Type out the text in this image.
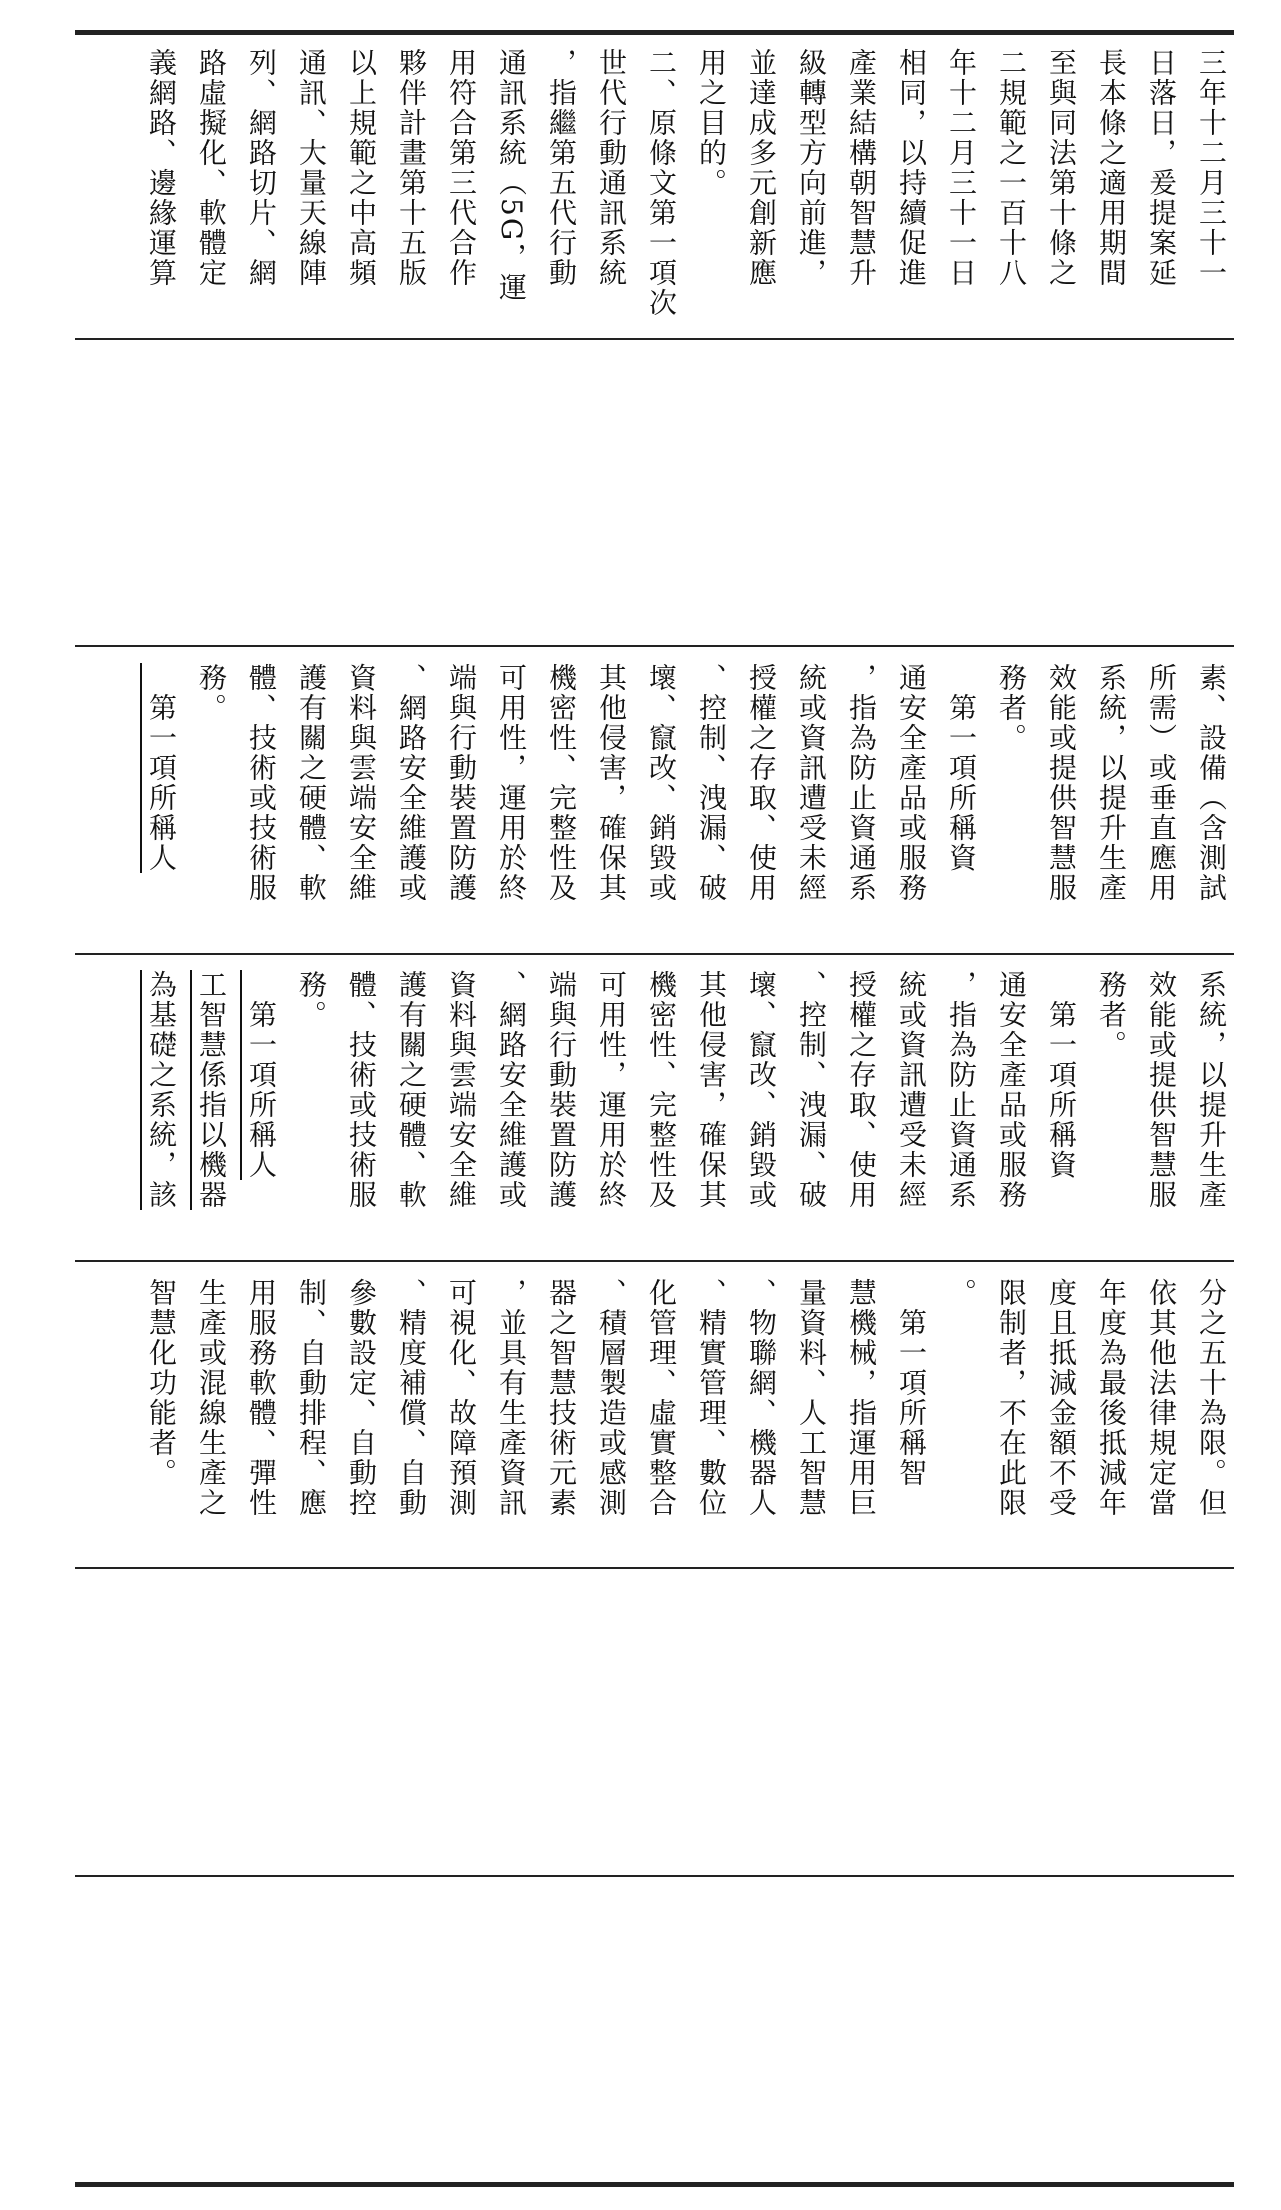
三年十二月三十一
日落日，爰提案延
長本條之適用期間
至與同法第十條之
二規範之一百十八
年十二月三十一日
相同，以持續促進
產業結構朝智慧升
級轉型方向前進，
並達成多元創新應
用之目的。
二、原條文第一項次
世代行動通訊系統
，指繼第五代行動
通訊系統（5G，運
用符合第三代合作
夥伴計畫第十五版
以上規範之中高頻
通訊、大量天線陣
列、網路切片、網
路虛擬化、軟體定
義網路、邊緣運算
素、設備（含測試
所需）或垂直應用
系統，以提升生產
效能或提供智慧服
務者。
　第一項所稱資
通安全產品或服務
，指為防止資通系
統或資訊遭受未經
授權之存取、使用
、控制、洩漏、破
壞、竄改、銷毀或
其他侵害，確保其
機密性、完整性及
可用性，運用於終
端與行動裝置防護
、網路安全維護或
資料與雲端安全維
護有關之硬體、軟
體、技術或技術服
務。
　第一項所稱人
系統，以提升生產
效能或提供智慧服
務者。
　第一項所稱資
通安全產品或服務
，指為防止資通系
統或資訊遭受未經
授權之存取、使用
、控制、洩漏、破
壞、竄改、銷毀或
其他侵害，確保其
機密性、完整性及
可用性，運用於終
端與行動裝置防護
、網路安全維護或
資料與雲端安全維
護有關之硬體、軟
體、技術或技術服
務。
　第一項所稱人
工智慧係指以機器
為基礎之系統，該
分之五十為限。但
依其他法律規定當
年度為最後抵減年
度且抵減金額不受
限制者，不在此限
。
　第一項所稱智
慧機械，指運用巨
量資料、人工智慧
、物聯網、機器人
、精實管理、數位
化管理、虛實整合
、積層製造或感測
器之智慧技術元素
，並具有生產資訊
可視化、故障預測
、精度補償、自動
參數設定、自動控
制、自動排程、應
用服務軟體、彈性
生產或混線生產之
智慧化功能者。
